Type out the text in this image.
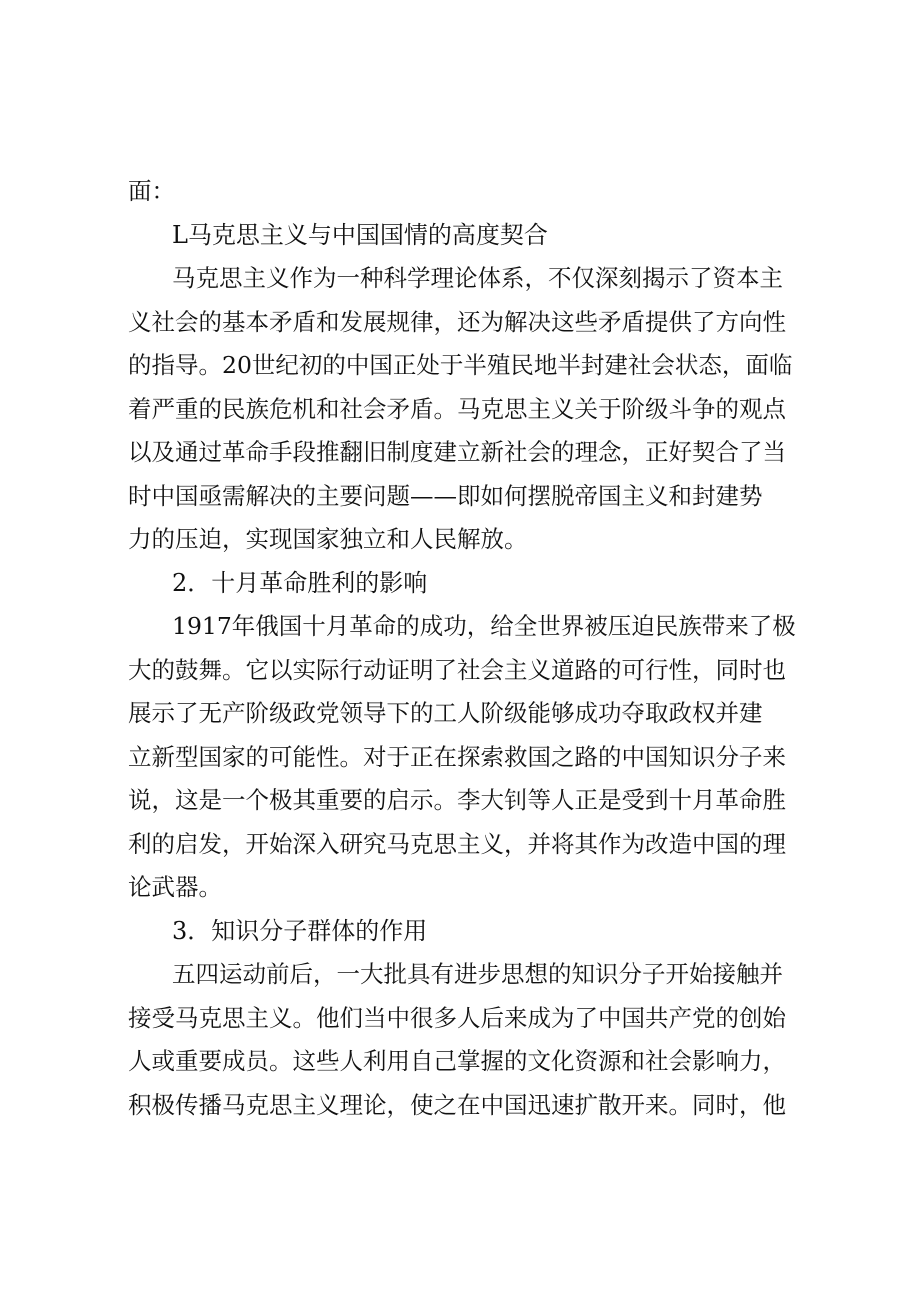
面：
L马克思主义与中国国情的高度契合
马克思主义作为一种科学理论体系，不仅深刻揭示了资本主
义社会的基本矛盾和发展规律，还为解决这些矛盾提供了方向性
的指导。20世纪初的中国正处于半殖民地半封建社会状态，面临
着严重的民族危机和社会矛盾。马克思主义关于阶级斗争的观点
以及通过革命手段推翻旧制度建立新社会的理念，正好契合了当
时中国亟需解决的主要问题——即如何摆脱帝国主义和封建势
力的压迫，实现国家独立和人民解放。
2．十月革命胜利的影响
1917年俄国十月革命的成功，给全世界被压迫民族带来了极
大的鼓舞。它以实际行动证明了社会主义道路的可行性，同时也
展示了无产阶级政党领导下的工人阶级能够成功夺取政权并建
立新型国家的可能性。对于正在探索救国之路的中国知识分子来
说，这是一个极其重要的启示。李大钊等人正是受到十月革命胜
利的启发，开始深入研究马克思主义，并将其作为改造中国的理
论武器。
3．知识分子群体的作用
五四运动前后，一大批具有进步思想的知识分子开始接触并
接受马克思主义。他们当中很多人后来成为了中国共产党的创始
人或重要成员。这些人利用自己掌握的文化资源和社会影响力，
积极传播马克思主义理论，使之在中国迅速扩散开来。同时，他
